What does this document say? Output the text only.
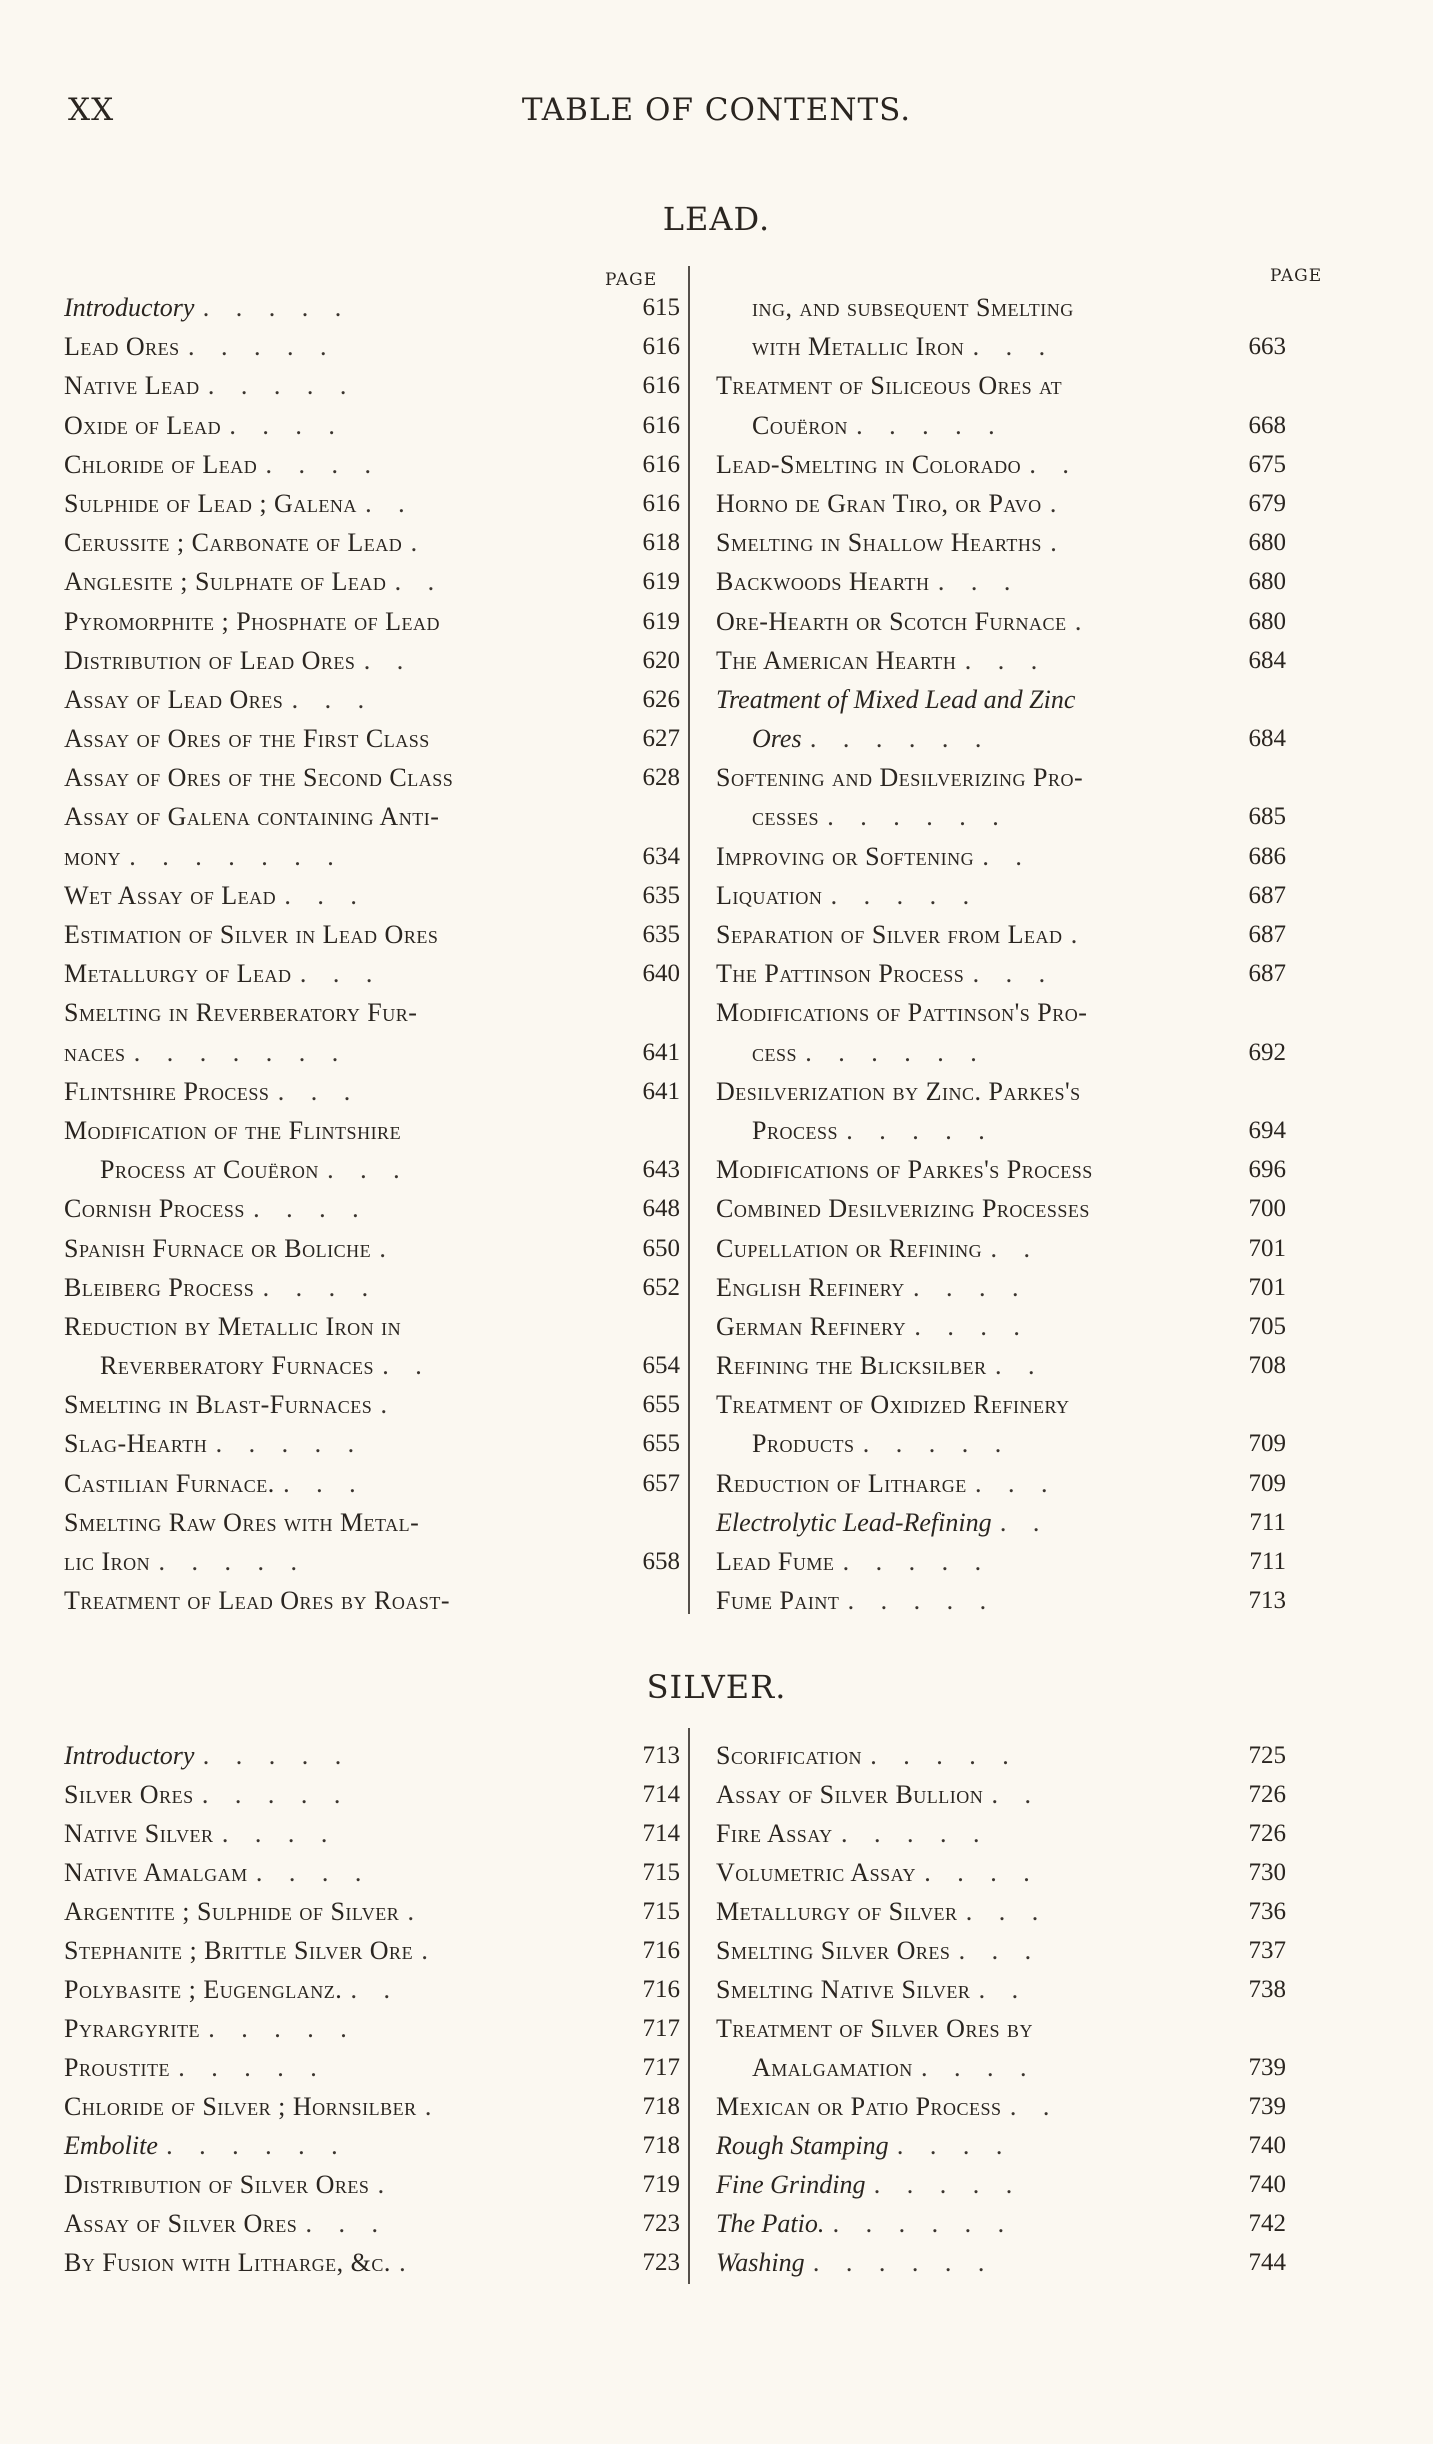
XX	TABLE OF CONTENTS.
LEAD.
PAGE	PAGE
Introductory . . . . .	615
Lead Ores . . . . .	616
Native Lead . . . . .	616
Oxide of Lead . . . .	616
Chloride of Lead . . . .	616
Sulphide of Lead ; Galena . .	616
Cerussite ; Carbonate of Lead .	618
Anglesite ; Sulphate of Lead . .	619
Pyromorphite ; Phosphate of Lead	619
Distribution of Lead Ores . .	620
Assay of Lead Ores . . .	626
Assay of Ores of the First Class	627
Assay of Ores of the Second Class	628
Assay of Galena containing Anti-
mony . . . . . . .	634
Wet Assay of Lead . . .	635
Estimation of Silver in Lead Ores	635
Metallurgy of Lead . . .	640
Smelting in Reverberatory Fur-
naces . . . . . . .	641
Flintshire Process . . .	641
Modification of the Flintshire
Process at Couëron . . .	643
Cornish Process . . . .	648
Spanish Furnace or Boliche .	650
Bleiberg Process . . . .	652
Reduction by Metallic Iron in
Reverberatory Furnaces . .	654
Smelting in Blast-Furnaces .	655
Slag-Hearth . . . . .	655
Castilian Furnace. . . .	657
Smelting Raw Ores with Metal-
lic Iron . . . . .	658
Treatment of Lead Ores by Roast-
ing, and subsequent Smelting
with Metallic Iron . . .	663
Treatment of Siliceous Ores at
Couëron . . . . .	668
Lead-Smelting in Colorado . .	675
Horno de Gran Tiro, or Pavo .	679
Smelting in Shallow Hearths .	680
Backwoods Hearth . . .	680
Ore-Hearth or Scotch Furnace .	680
The American Hearth . . .	684
Treatment of Mixed Lead and Zinc
Ores . . . . . .	684
Softening and Desilverizing Pro-
cesses . . . . . .	685
Improving or Softening . .	686
Liquation . . . . .	687
Separation of Silver from Lead .	687
The Pattinson Process . . .	687
Modifications of Pattinson's Pro-
cess . . . . . .	692
Desilverization by Zinc. Parkes's
Process . . . . .	694
Modifications of Parkes's Process	696
Combined Desilverizing Processes	700
Cupellation or Refining . .	701
English Refinery . . . .	701
German Refinery . . . .	705
Refining the Blicksilber . .	708
Treatment of Oxidized Refinery
Products . . . . .	709
Reduction of Litharge . . .	709
Electrolytic Lead-Refining . .	711
Lead Fume . . . . .	711
Fume Paint . . . . .	713
SILVER.
Introductory . . . . .	713
Silver Ores . . . . .	714
Native Silver . . . .	714
Native Amalgam . . . .	715
Argentite ; Sulphide of Silver .	715
Stephanite ; Brittle Silver Ore .	716
Polybasite ; Eugenglanz. . .	716
Pyrargyrite . . . . .	717
Proustite . . . . .	717
Chloride of Silver ; Hornsilber .	718
Embolite . . . . . .	718
Distribution of Silver Ores .	719
Assay of Silver Ores . . .	723
By Fusion with Litharge, &c. .	723
Scorification . . . . .	725
Assay of Silver Bullion . .	726
Fire Assay . . . . .	726
Volumetric Assay . . . .	730
Metallurgy of Silver . . .	736
Smelting Silver Ores . . .	737
Smelting Native Silver . .	738
Treatment of Silver Ores by
Amalgamation . . . .	739
Mexican or Patio Process . .	739
Rough Stamping . . . .	740
Fine Grinding . . . . .	740
The Patio. . . . . . .	742
Washing . . . . . .	744
